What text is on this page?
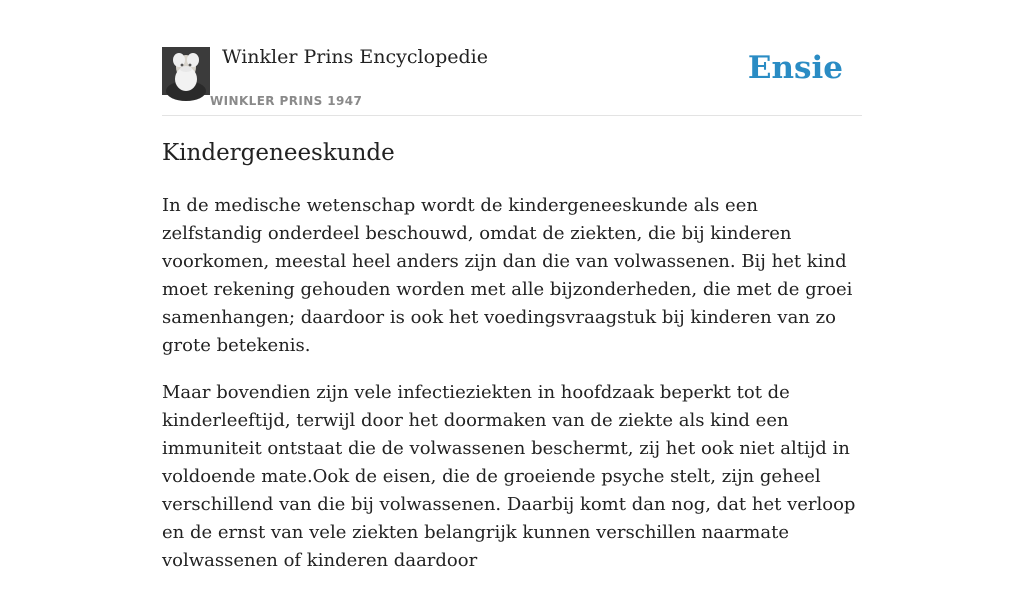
Winkler Prins Encyclopedie
WINKLER PRINS 1947
Ensie
Kindergeneeskunde

In de medische wetenschap wordt de kindergeneeskunde als een zelfstandig onderdeel beschouwd, omdat de ziekten, die bij kinderen voorkomen, meestal heel anders zijn dan die van volwassenen. Bij het kind moet rekening gehouden worden met alle bijzonderheden, die met de groei samenhangen; daardoor is ook het voedingsvraagstuk bij kinderen van zo grote betekenis.

Maar bovendien zijn vele infectieziekten in hoofdzaak beperkt tot de kinderleeftijd, terwijl door het doormaken van de ziekte als kind een immuniteit ontstaat die de volwassenen beschermt, zij het ook niet altijd in voldoende mate.Ook de eisen, die de groeiende psyche stelt, zijn geheel verschillend van die bij volwassenen. Daarbij komt dan nog, dat het verloop en de ernst van vele ziekten belangrijk kunnen verschillen naarmate volwassenen of kinderen daardoor
